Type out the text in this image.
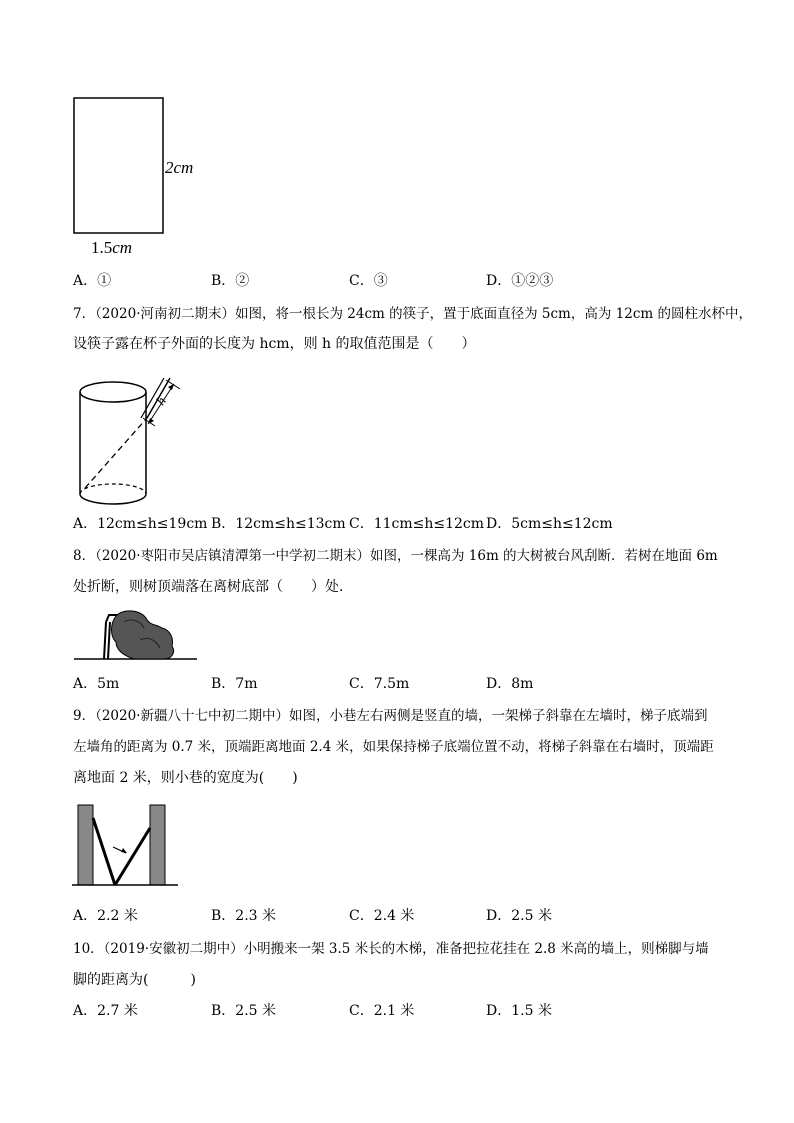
2cm
1.5cm
A．①	B．②	C．③	D．①②③
7．（2020·河南初二期末）如图，将一根长为 24cm 的筷子，置于底面直径为 5cm，高为 12cm 的圆柱水杯中，
设筷子露在杯子外面的长度为 hcm，则 h 的取值范围是（　　）
h
A．12cm≤h≤19cm B．12cm≤h≤13cm C．11cm≤h≤12cm D．5cm≤h≤12cm
8．（2020·枣阳市吴店镇清潭第一中学初二期末）如图，一棵高为 16m 的大树被台风刮断．若树在地面 6m
处折断，则树顶端落在离树底部（　　）处．
A．5m	B．7m	C．7.5m	D．8m
9．（2020·新疆八十七中初二期中）如图，小巷左右两侧是竖直的墙，一架梯子斜靠在左墙时，梯子底端到
左墙角的距离为 0.7 米，顶端距离地面 2.4 米，如果保持梯子底端位置不动，将梯子斜靠在右墙时，顶端距
离地面 2 米，则小巷的宽度为(　　)
A．2.2 米	B．2.3 米	C．2.4 米	D．2.5 米
10．（2019·安徽初二期中）小明搬来一架 3.5 米长的木梯，准备把拉花挂在 2.8 米高的墙上，则梯脚与墙
脚的距离为(　　　)
A．2.7 米	B．2.5 米	C．2.1 米	D．1.5 米
